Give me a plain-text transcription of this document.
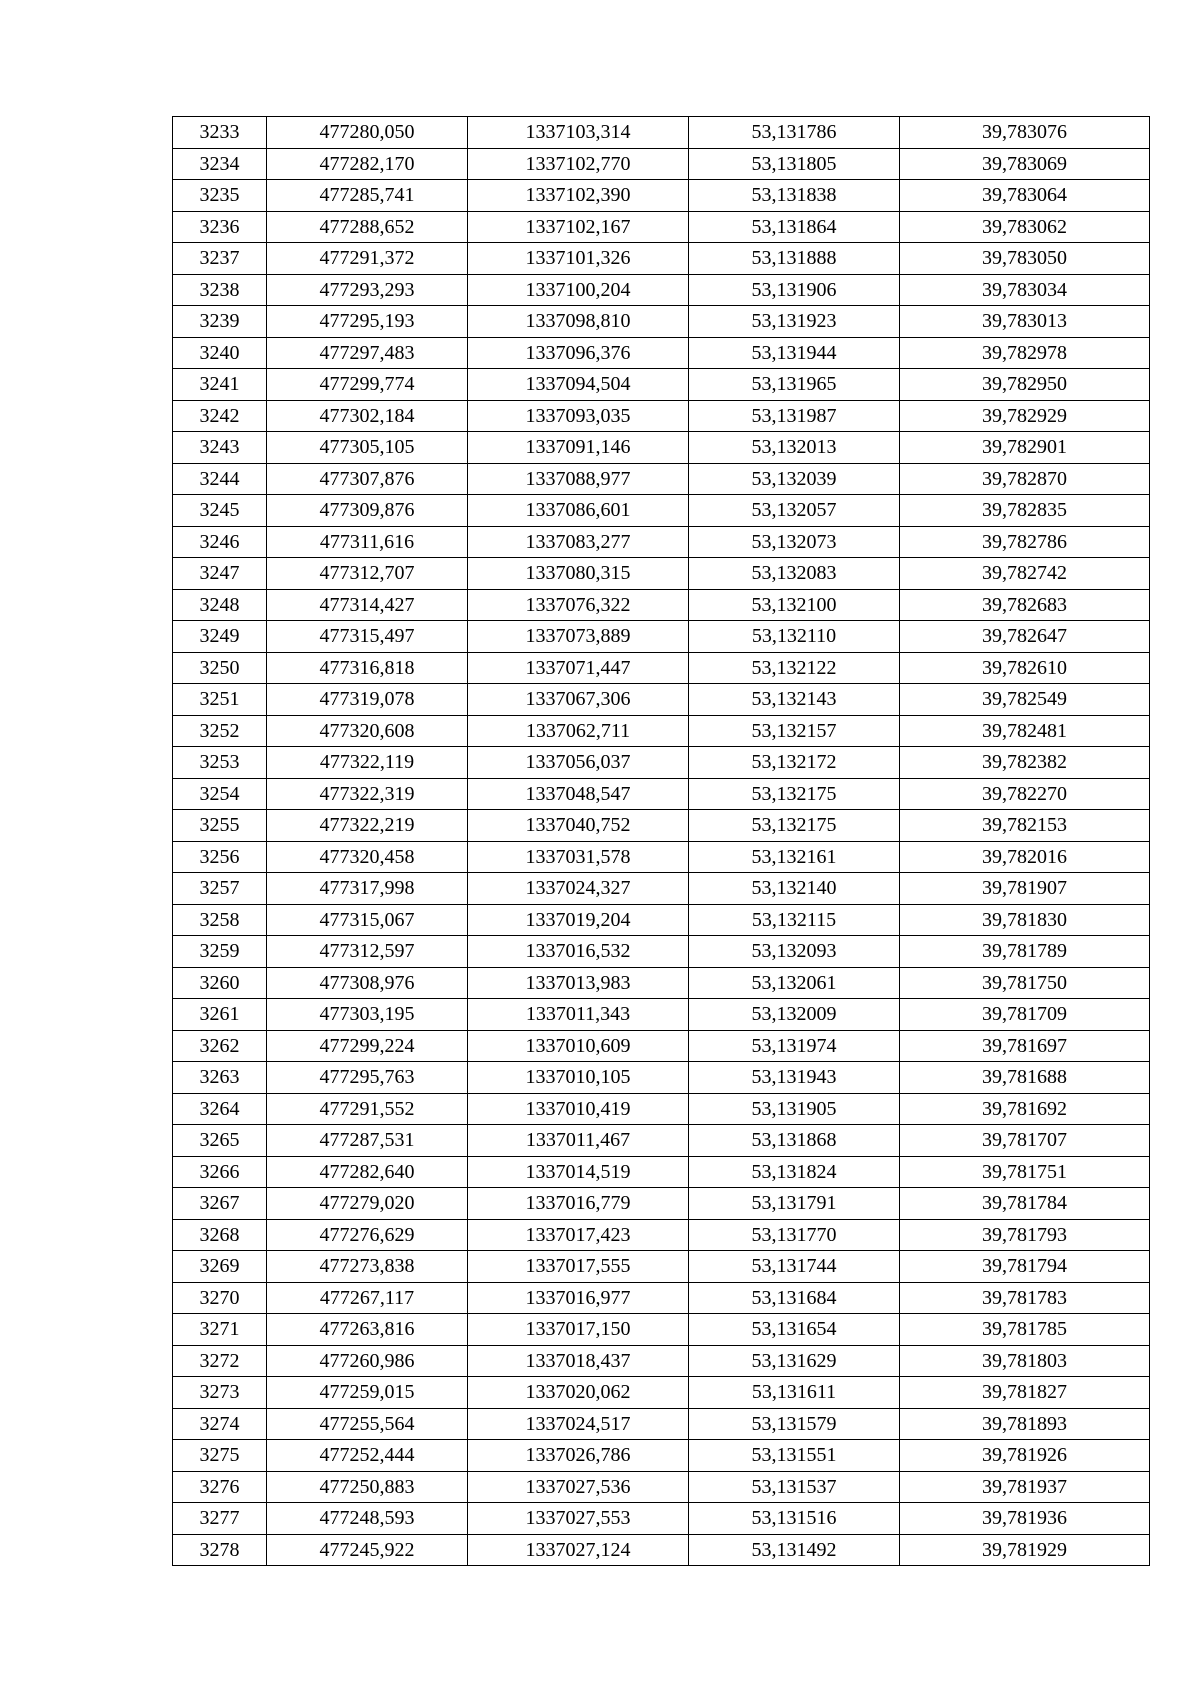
3233	477280,050	1337103,314	53,131786	39,783076
3234	477282,170	1337102,770	53,131805	39,783069
3235	477285,741	1337102,390	53,131838	39,783064
3236	477288,652	1337102,167	53,131864	39,783062
3237	477291,372	1337101,326	53,131888	39,783050
3238	477293,293	1337100,204	53,131906	39,783034
3239	477295,193	1337098,810	53,131923	39,783013
3240	477297,483	1337096,376	53,131944	39,782978
3241	477299,774	1337094,504	53,131965	39,782950
3242	477302,184	1337093,035	53,131987	39,782929
3243	477305,105	1337091,146	53,132013	39,782901
3244	477307,876	1337088,977	53,132039	39,782870
3245	477309,876	1337086,601	53,132057	39,782835
3246	477311,616	1337083,277	53,132073	39,782786
3247	477312,707	1337080,315	53,132083	39,782742
3248	477314,427	1337076,322	53,132100	39,782683
3249	477315,497	1337073,889	53,132110	39,782647
3250	477316,818	1337071,447	53,132122	39,782610
3251	477319,078	1337067,306	53,132143	39,782549
3252	477320,608	1337062,711	53,132157	39,782481
3253	477322,119	1337056,037	53,132172	39,782382
3254	477322,319	1337048,547	53,132175	39,782270
3255	477322,219	1337040,752	53,132175	39,782153
3256	477320,458	1337031,578	53,132161	39,782016
3257	477317,998	1337024,327	53,132140	39,781907
3258	477315,067	1337019,204	53,132115	39,781830
3259	477312,597	1337016,532	53,132093	39,781789
3260	477308,976	1337013,983	53,132061	39,781750
3261	477303,195	1337011,343	53,132009	39,781709
3262	477299,224	1337010,609	53,131974	39,781697
3263	477295,763	1337010,105	53,131943	39,781688
3264	477291,552	1337010,419	53,131905	39,781692
3265	477287,531	1337011,467	53,131868	39,781707
3266	477282,640	1337014,519	53,131824	39,781751
3267	477279,020	1337016,779	53,131791	39,781784
3268	477276,629	1337017,423	53,131770	39,781793
3269	477273,838	1337017,555	53,131744	39,781794
3270	477267,117	1337016,977	53,131684	39,781783
3271	477263,816	1337017,150	53,131654	39,781785
3272	477260,986	1337018,437	53,131629	39,781803
3273	477259,015	1337020,062	53,131611	39,781827
3274	477255,564	1337024,517	53,131579	39,781893
3275	477252,444	1337026,786	53,131551	39,781926
3276	477250,883	1337027,536	53,131537	39,781937
3277	477248,593	1337027,553	53,131516	39,781936
3278	477245,922	1337027,124	53,131492	39,781929
